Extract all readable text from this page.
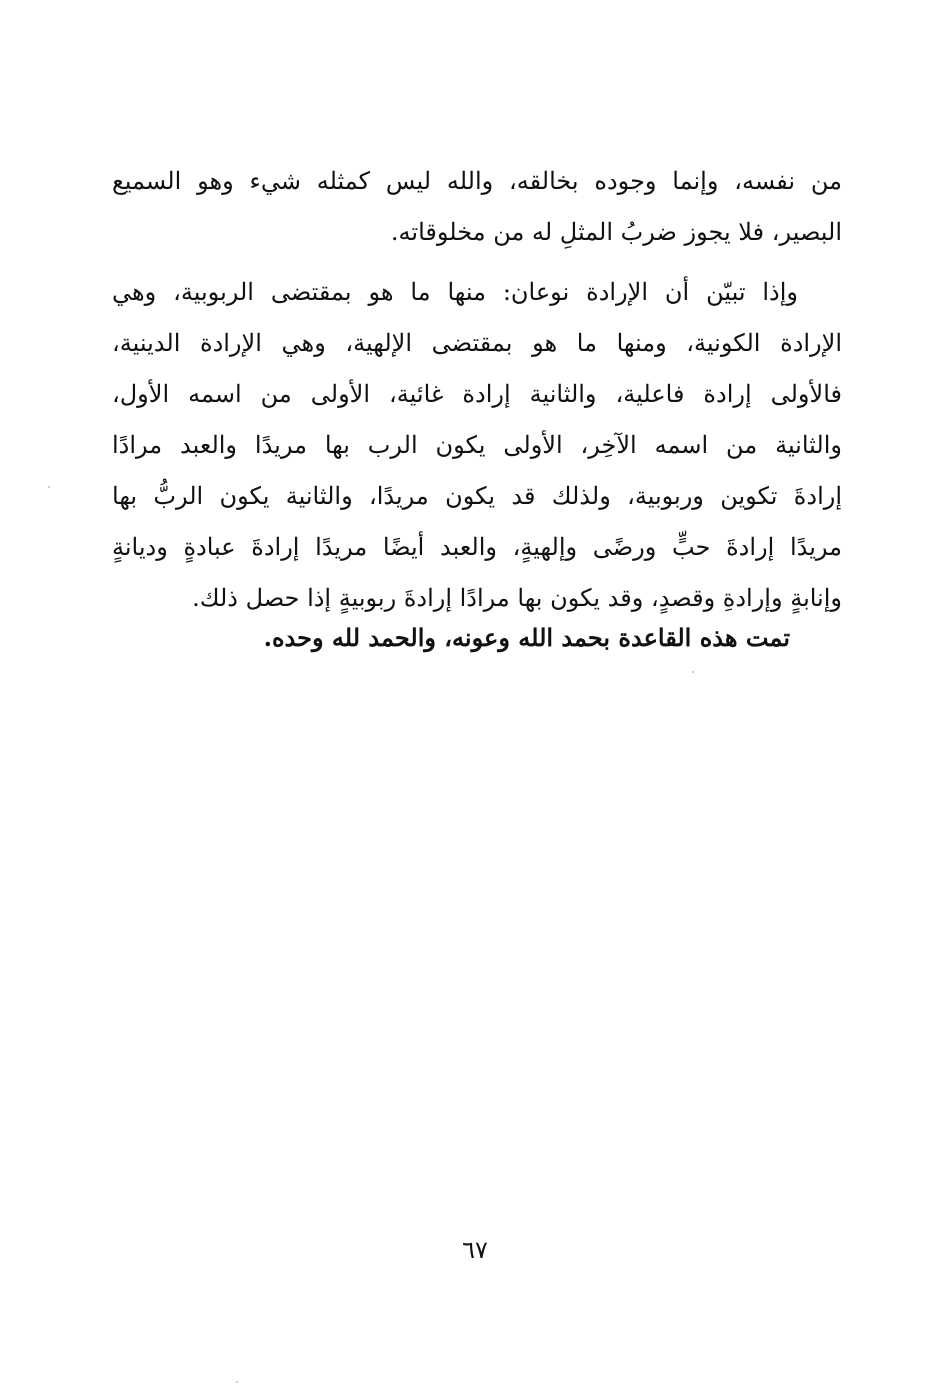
من نفسه، وإنما وجوده بخالقه، والله ليس كمثله شيء وهو السميع
البصير، فلا يجوز ضربُ المثلِ له من مخلوقاته.
وإذا تبيّن أن الإرادة نوعان: منها ما هو بمقتضى الربوبية، وهي
الإرادة الكونية، ومنها ما هو بمقتضى الإلهية، وهي الإرادة الدينية،
فالأولى إرادة فاعلية، والثانية إرادة غائية، الأولى من اسمه الأول،
والثانية من اسمه الآخِر، الأولى يكون الرب بها مريدًا والعبد مرادًا
إرادةَ تكوين وربوبية، ولذلك قد يكون مريدًا، والثانية يكون الربُّ بها
مريدًا إرادةَ حبٍّ ورضًى وإلهيةٍ، والعبد أيضًا مريدًا إرادةَ عبادةٍ وديانةٍ
وإنابةٍ وإرادةِ وقصدٍ، وقد يكون بها مرادًا إرادةَ ربوبيةٍ إذا حصل ذلك.
تمت هذه القاعدة بحمد الله وعونه، والحمد لله وحده.
٦٧
